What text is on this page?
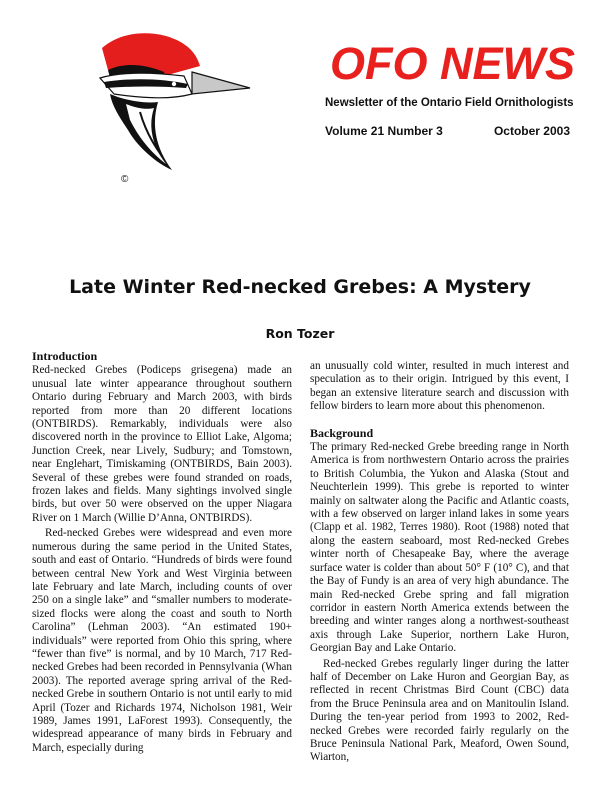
©
OFO NEWS
Newsletter of the Ontario Field Ornithologists
Volume 21 Number 3	October 2003
Late Winter Red-necked Grebes: A Mystery
Ron Tozer
Introduction

Red-necked Grebes (Podiceps grisegena) made an unusual late winter appearance throughout southern Ontario during February and March 2003, with birds reported from more than 20 different locations (ONTBIRDS). Remarkably, individuals were also discovered north in the province to Elliot Lake, Algoma; Junction Creek, near Lively, Sudbury; and Tomstown, near Englehart, Timiskaming (ONTBIRDS, Bain 2003). Several of these grebes were found stranded on roads, frozen lakes and fields. Many sightings involved single birds, but over 50 were observed on the upper Niagara River on 1 March (Willie D’Anna, ONTBIRDS).

Red-necked Grebes were widespread and even more numerous during the same period in the United States, south and east of Ontario. “Hundreds of birds were found between central New York and West Virginia between late February and late March, including counts of over 250 on a single lake” and “smaller numbers to moderate-sized flocks were along the coast and south to North Carolina” (Lehman 2003). “An estimated 190+ individuals” were reported from Ohio this spring, where “fewer than five” is normal, and by 10 March, 717 Red-necked Grebes had been recorded in Pennsylvania (Whan 2003). The reported average spring arrival of the Red-necked Grebe in southern Ontario is not until early to mid April (Tozer and Richards 1974, Nicholson 1981, Weir 1989, James 1991, LaForest 1993). Consequently, the widespread appearance of many birds in February and March, especially during

an unusually cold winter, resulted in much interest and speculation as to their origin. Intrigued by this event, I began an extensive literature search and discussion with fellow birders to learn more about this phenomenon.

Background

The primary Red-necked Grebe breeding range in North America is from northwestern Ontario across the prairies to British Columbia, the Yukon and Alaska (Stout and Neuchterlein 1999). This grebe is reported to winter mainly on saltwater along the Pacific and Atlantic coasts, with a few observed on larger inland lakes in some years (Clapp et al. 1982, Terres 1980). Root (1988) noted that along the eastern seaboard, most Red-necked Grebes winter north of Chesapeake Bay, where the average surface water is colder than about 50° F (10° C), and that the Bay of Fundy is an area of very high abundance. The main Red-necked Grebe spring and fall migration corridor in eastern North America extends between the breeding and winter ranges along a northwest-southeast axis through Lake Superior, northern Lake Huron, Georgian Bay and Lake Ontario.

Red-necked Grebes regularly linger during the latter half of December on Lake Huron and Georgian Bay, as reflected in recent Christmas Bird Count (CBC) data from the Bruce Peninsula area and on Manitoulin Island. During the ten-year period from 1993 to 2002, Red-necked Grebes were recorded fairly regularly on the Bruce Peninsula National Park, Meaford, Owen Sound, Wiarton,
